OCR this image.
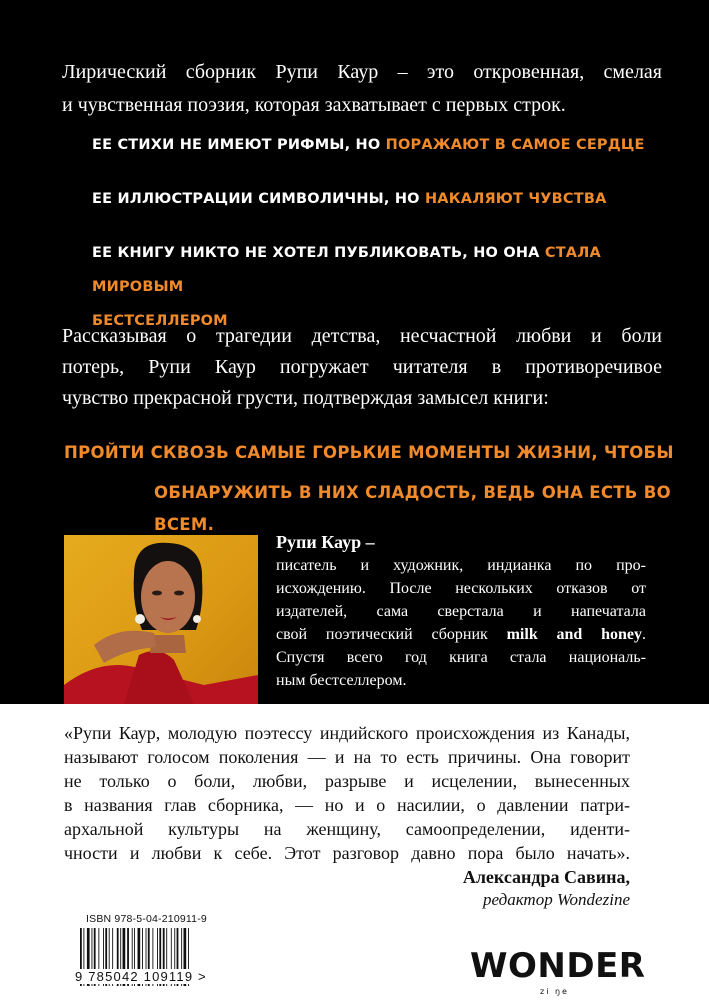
Лирический сборник Рупи Каур – это откровенная, смелая
и чувственная поэзия, которая захватывает с первых строк.

ЕЕ СТИХИ НЕ ИМЕЮТ РИФМЫ, НО ПОРАЖАЮТ В САМОЕ СЕРДЦЕ
ЕЕ ИЛЛЮСТРАЦИИ СИМВОЛИЧНЫ, НО НАКАЛЯЮТ ЧУВСТВА
ЕЕ КНИГУ НИКТО НЕ ХОТЕЛ ПУБЛИКОВАТЬ, НО ОНА СТАЛА МИРОВЫМ
БЕСТСЕЛЛЕРОМ

Рассказывая о трагедии детства, несчастной любви и боли
потерь, Рупи Каур погружает читателя в противоречивое
чувство прекрасной грусти, подтверждая замысел книги:

ПРОЙТИ СКВОЗЬ САМЫЕ ГОРЬКИЕ МОМЕНТЫ ЖИЗНИ, ЧТОБЫ
ОБНАРУЖИТЬ В НИХ СЛАДОСТЬ, ВЕДЬ ОНА ЕСТЬ ВО ВСЕМ.
Рупи Каур –
писатель и художник, индианка по про-
исхождению. После нескольких отказов от
издателей, сама сверстала и напечатала
свой поэтический сборник milk and honey.
Спустя всего год книга стала националь-
ным бестселлером.

«Рупи Каур, молодую поэтессу индийского происхождения из Канады,
называют голосом поколения — и на то есть причины. Она говорит
не только о боли, любви, разрыве и исцелении, вынесенных
в названия глав сборника, — но и о насилии, о давлении патри-
архальной культуры на женщину, самоопределении, иденти-
чности и любви к себе. Этот разговор давно пора было начать».

Александра Савина,
редактор Wondezine
ISBN 978-5-04-210911-9
9 785042 109119 >	WONDER
zi ŋe
